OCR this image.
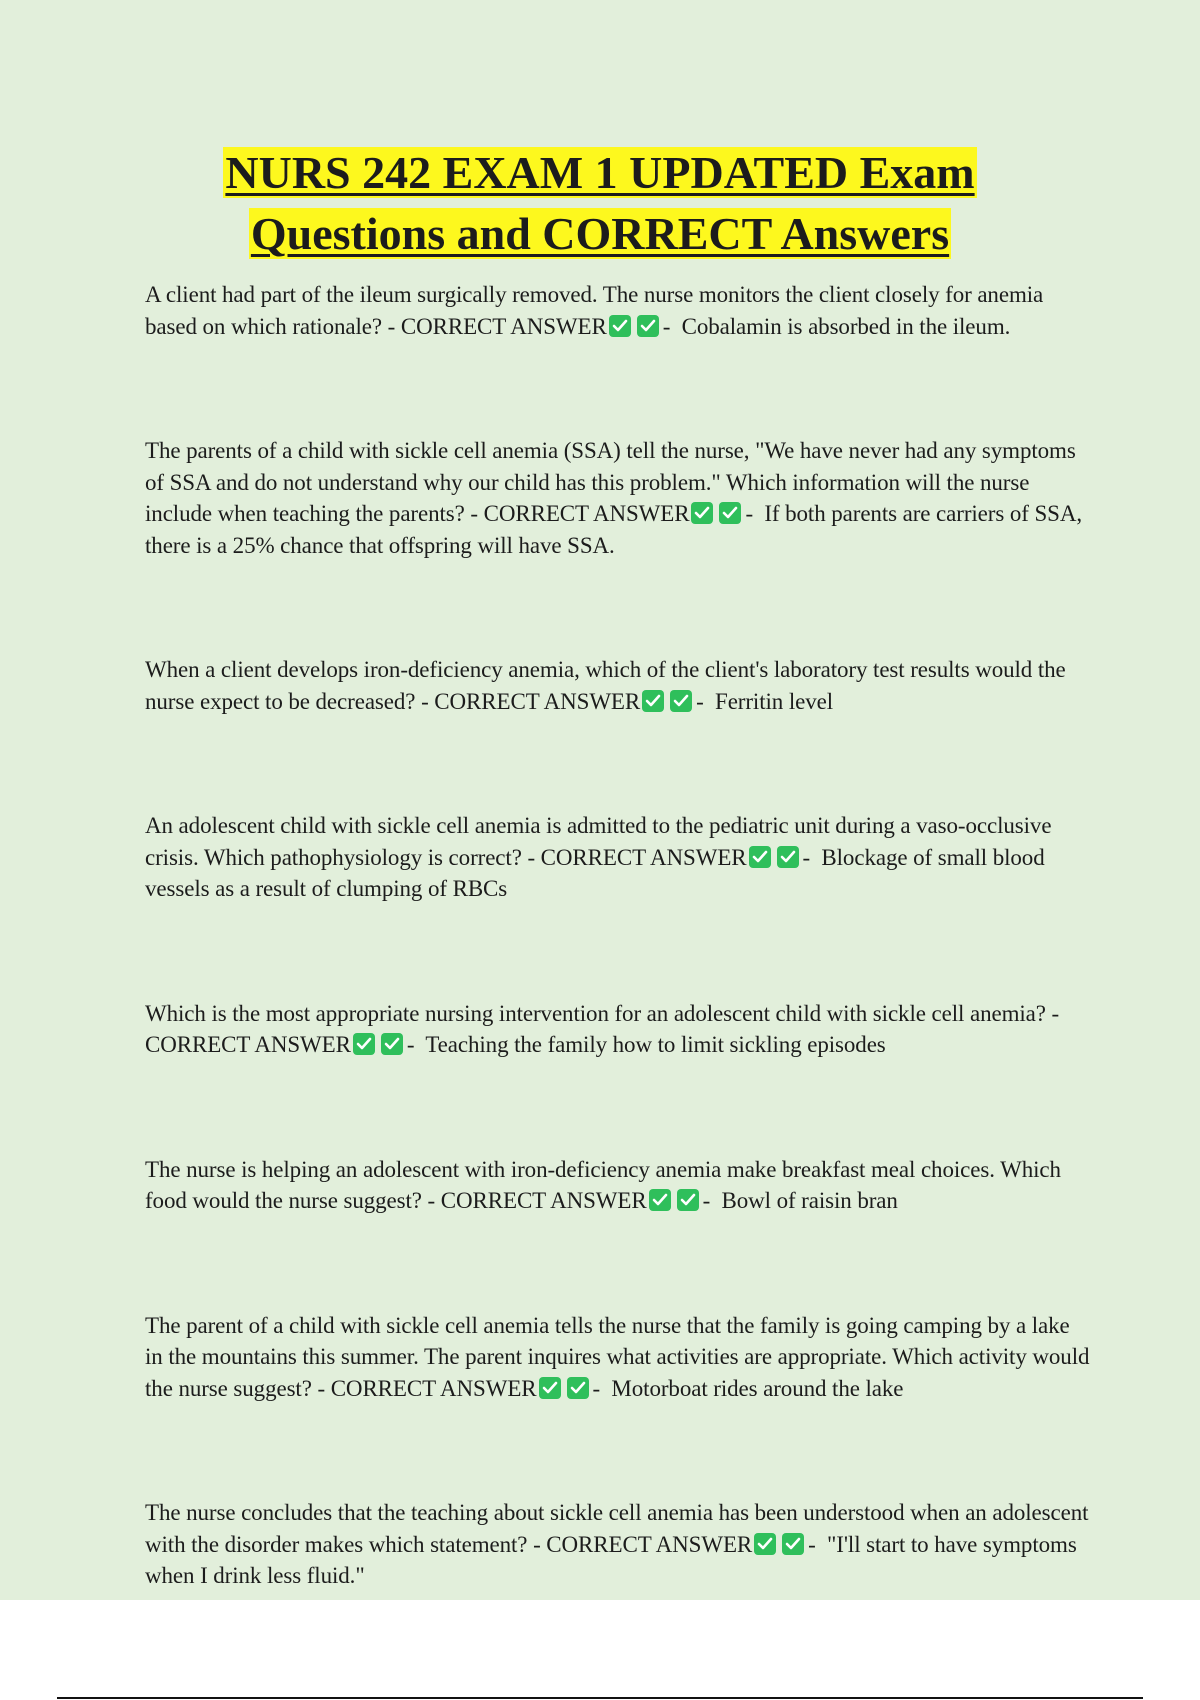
NURS 242 EXAM 1 UPDATED Exam
Questions and CORRECT Answers
A client had part of the ileum surgically removed. The nurse monitors the client closely for anemia based on which rationale? - CORRECT ANSWER - Cobalamin is absorbed in the ileum.
The parents of a child with sickle cell anemia (SSA) tell the nurse, "We have never had any symptoms of SSA and do not understand why our child has this problem." Which information will the nurse include when teaching the parents? - CORRECT ANSWER - If both parents are carriers of SSA, there is a 25% chance that offspring will have SSA.
When a client develops iron-deficiency anemia, which of the client's laboratory test results would the nurse expect to be decreased? - CORRECT ANSWER - Ferritin level
An adolescent child with sickle cell anemia is admitted to the pediatric unit during a vaso-occlusive crisis. Which pathophysiology is correct? - CORRECT ANSWER - Blockage of small blood vessels as a result of clumping of RBCs
Which is the most appropriate nursing intervention for an adolescent child with sickle cell anemia? - CORRECT ANSWER - Teaching the family how to limit sickling episodes
The nurse is helping an adolescent with iron-deficiency anemia make breakfast meal choices. Which food would the nurse suggest? - CORRECT ANSWER - Bowl of raisin bran
The parent of a child with sickle cell anemia tells the nurse that the family is going camping by a lake in the mountains this summer. The parent inquires what activities are appropriate. Which activity would the nurse suggest? - CORRECT ANSWER - Motorboat rides around the lake
The nurse concludes that the teaching about sickle cell anemia has been understood when an adolescent with the disorder makes which statement? - CORRECT ANSWER - "I'll start to have symptoms when I drink less fluid."
